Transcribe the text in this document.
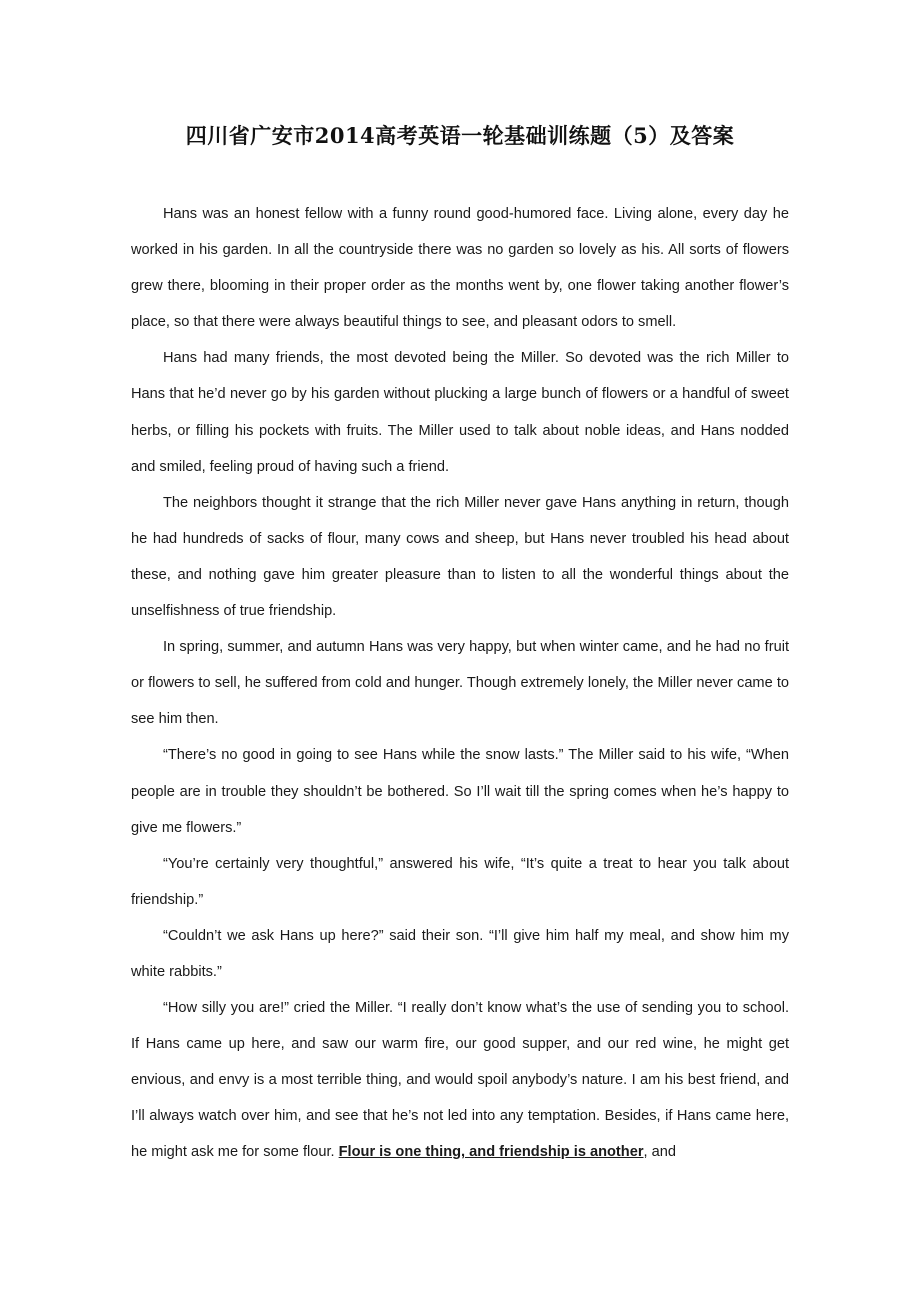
四川省广安市2014高考英语一轮基础训练题（5）及答案

Hans was an honest fellow with a funny round good-humored face. Living alone, every day he worked in his garden. In all the countryside there was no garden so lovely as his. All sorts of flowers grew there, blooming in their proper order as the months went by, one flower taking another flower’s place, so that there were always beautiful things to see, and pleasant odors to smell.

Hans had many friends, the most devoted being the Miller. So devoted was the rich Miller to Hans that he’d never go by his garden without plucking a large bunch of flowers or a handful of sweet herbs, or filling his pockets with fruits. The Miller used to talk about noble ideas, and Hans nodded and smiled, feeling proud of having such a friend.

The neighbors thought it strange that the rich Miller never gave Hans anything in return, though he had hundreds of sacks of flour, many cows and sheep, but Hans never troubled his head about these, and nothing gave him greater pleasure than to listen to all the wonderful things about the unselfishness of true friendship.

In spring, summer, and autumn Hans was very happy, but when winter came, and he had no fruit or flowers to sell, he suffered from cold and hunger. Though extremely lonely, the Miller never came to see him then.

“There’s no good in going to see Hans while the snow lasts.” The Miller said to his wife, “When people are in trouble they shouldn’t be bothered. So I’ll wait till the spring comes when he’s happy to give me flowers.”

“You’re certainly very thoughtful,” answered his wife, “It’s quite a treat to hear you talk about friendship.”

“Couldn’t we ask Hans up here?” said their son. “I’ll give him half my meal, and show him my white rabbits.”

“How silly you are!” cried the Miller. “I really don’t know what’s the use of sending you to school. If Hans came up here, and saw our warm fire, our good supper, and our red wine, he might get envious, and envy is a most terrible thing, and would spoil anybody’s nature. I am his best friend, and I’ll always watch over him, and see that he’s not led into any temptation. Besides, if Hans came here, he might ask me for some flour. Flour is one thing, and friendship is another, and
